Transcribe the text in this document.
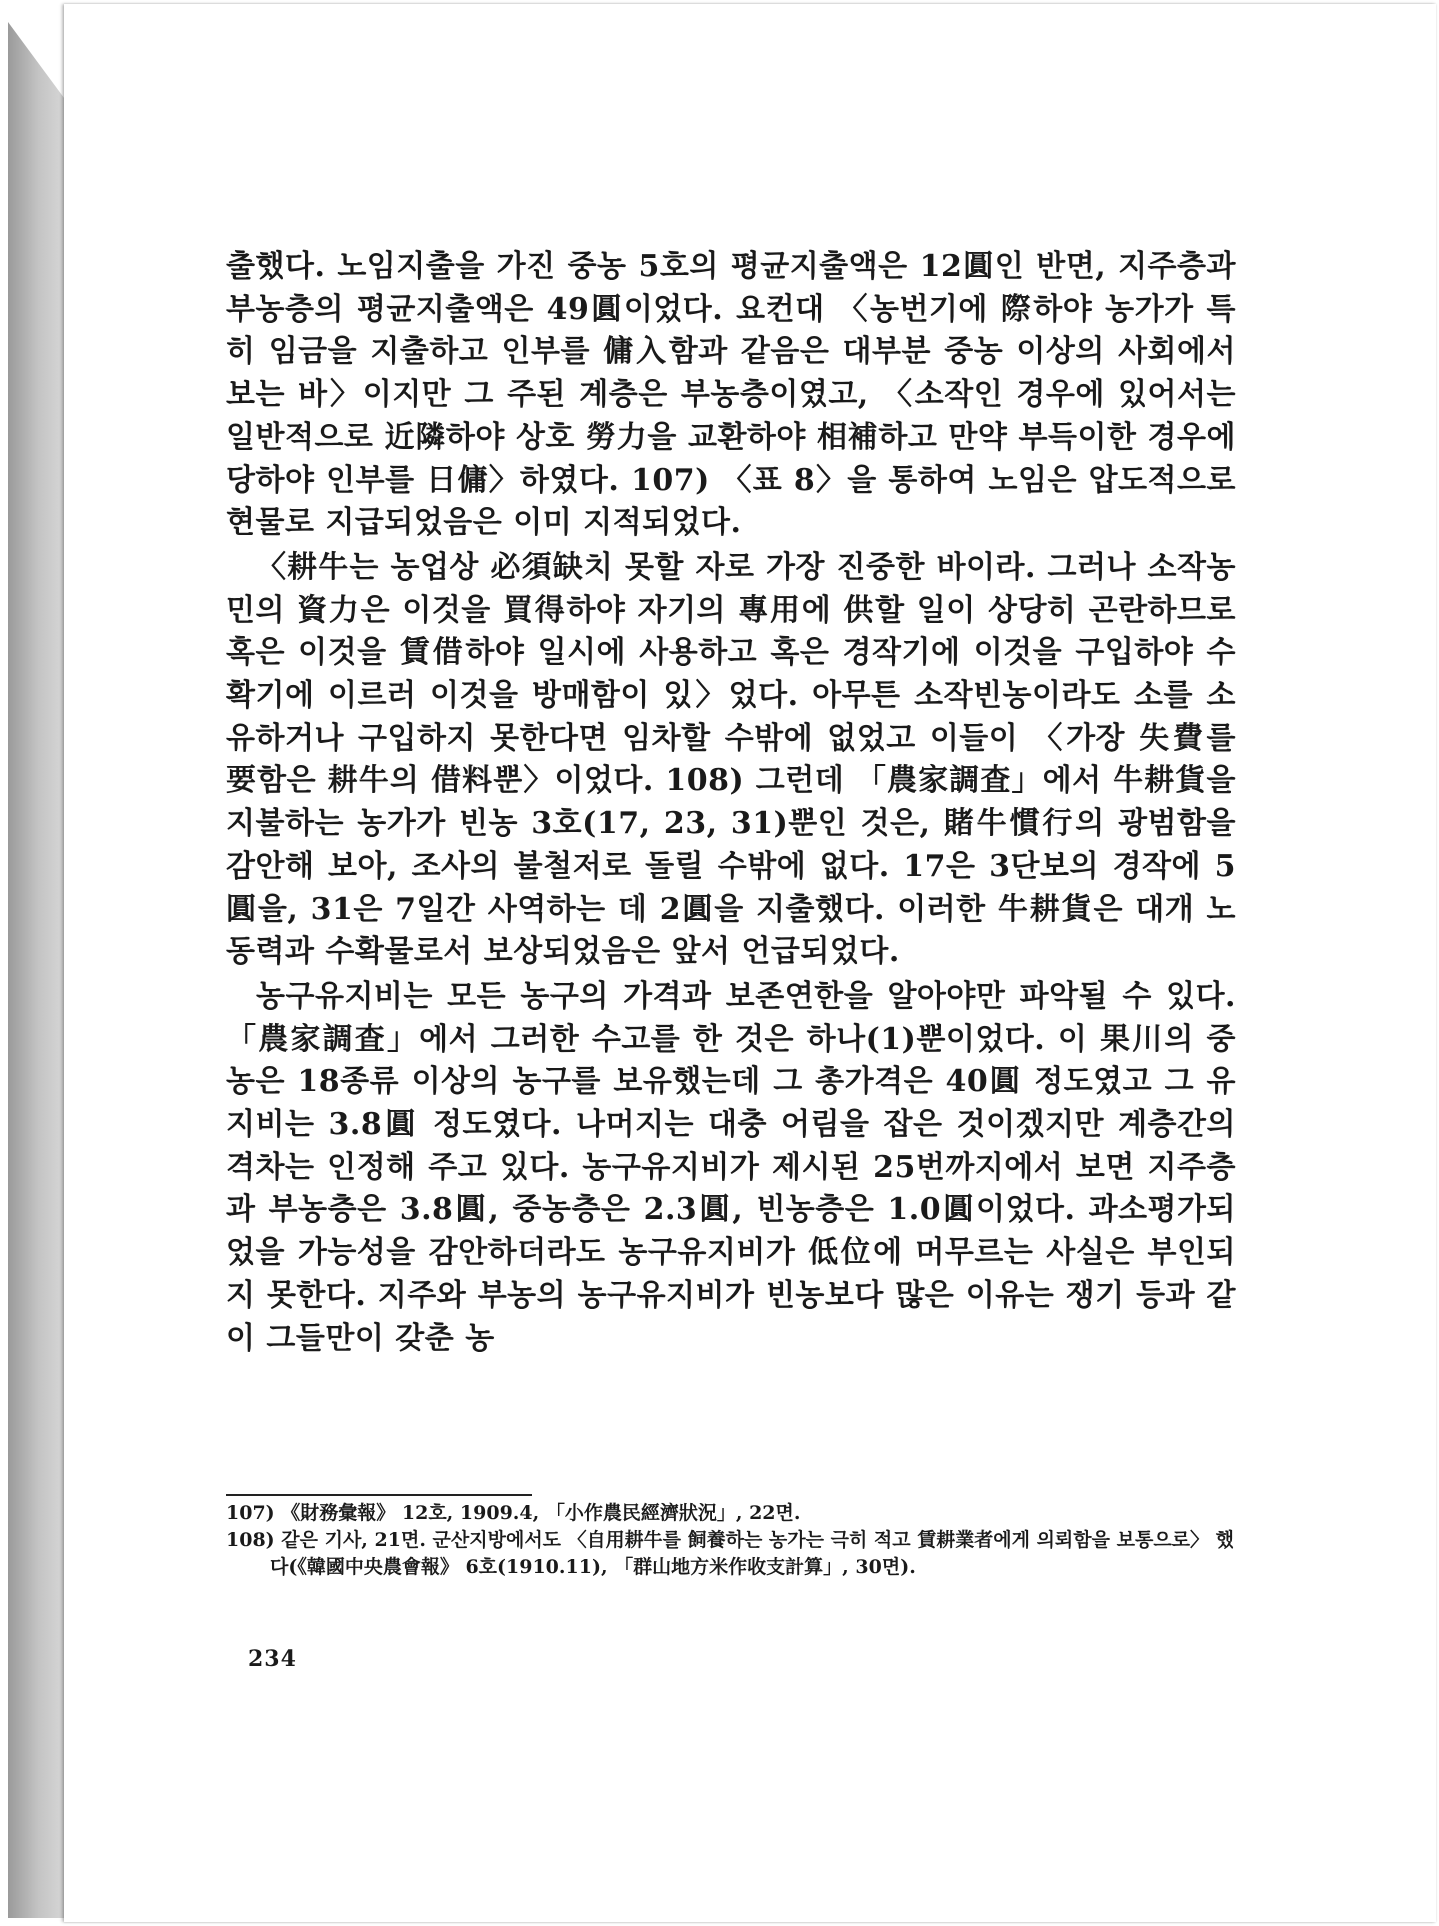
출했다. 노임지출을 가진 중농 5호의 평균지출액은 12圓인 반면, 지주층과 부농층의 평균지출액은 49圓이었다. 요컨대 〈농번기에 際하야 농가가 특히 임금을 지출하고 인부를 傭入함과 같음은 대부분 중농 이상의 사회에서 보는 바〉이지만 그 주된 계층은 부농층이였고, 〈소작인 경우에 있어서는 일반적으로 近隣하야 상호 勞力을 교환하야 相補하고 만약 부득이한 경우에 당하야 인부를 日傭〉하였다. 107) 〈표 8〉을 통하여 노임은 압도적으로 현물로 지급되었음은 이미 지적되었다.

〈耕牛는 농업상 必須缺치 못할 자로 가장 진중한 바이라. 그러나 소작농민의 資力은 이것을 買得하야 자기의 專用에 供할 일이 상당히 곤란하므로 혹은 이것을 賃借하야 일시에 사용하고 혹은 경작기에 이것을 구입하야 수확기에 이르러 이것을 방매함이 있〉었다. 아무튼 소작빈농이라도 소를 소유하거나 구입하지 못한다면 임차할 수밖에 없었고 이들이 〈가장 失費를 要함은 耕牛의 借料뿐〉이었다. 108) 그런데 「農家調査」에서 牛耕貨을 지불하는 농가가 빈농 3호(17, 23, 31)뿐인 것은, 賭牛慣行의 광범함을 감안해 보아, 조사의 불철저로 돌릴 수밖에 없다. 17은 3단보의 경작에 5圓을, 31은 7일간 사역하는 데 2圓을 지출했다. 이러한 牛耕貨은 대개 노동력과 수확물로서 보상되었음은 앞서 언급되었다.

농구유지비는 모든 농구의 가격과 보존연한을 알아야만 파악될 수 있다. 「農家調査」에서 그러한 수고를 한 것은 하나(1)뿐이었다. 이 果川의 중농은 18종류 이상의 농구를 보유했는데 그 총가격은 40圓 정도였고 그 유지비는 3.8圓 정도였다. 나머지는 대충 어림을 잡은 것이겠지만 계층간의 격차는 인정해 주고 있다. 농구유지비가 제시된 25번까지에서 보면 지주층과 부농층은 3.8圓, 중농층은 2.3圓, 빈농층은 1.0圓이었다. 과소평가되었을 가능성을 감안하더라도 농구유지비가 低位에 머무르는 사실은 부인되지 못한다. 지주와 부농의 농구유지비가 빈농보다 많은 이유는 쟁기 등과 같이 그들만이 갖춘 농

107) 《財務彙報》 12호, 1909.4, 「小作農民經濟狀況」, 22면.

108) 같은 기사, 21면. 군산지방에서도 〈自用耕牛를 飼養하는 농가는 극히 적고 賃耕業者에게 의뢰함을 보통으로〉 했다(《韓國中央農會報》 6호(1910.11), 「群山地方米作收支計算」, 30면).

234
